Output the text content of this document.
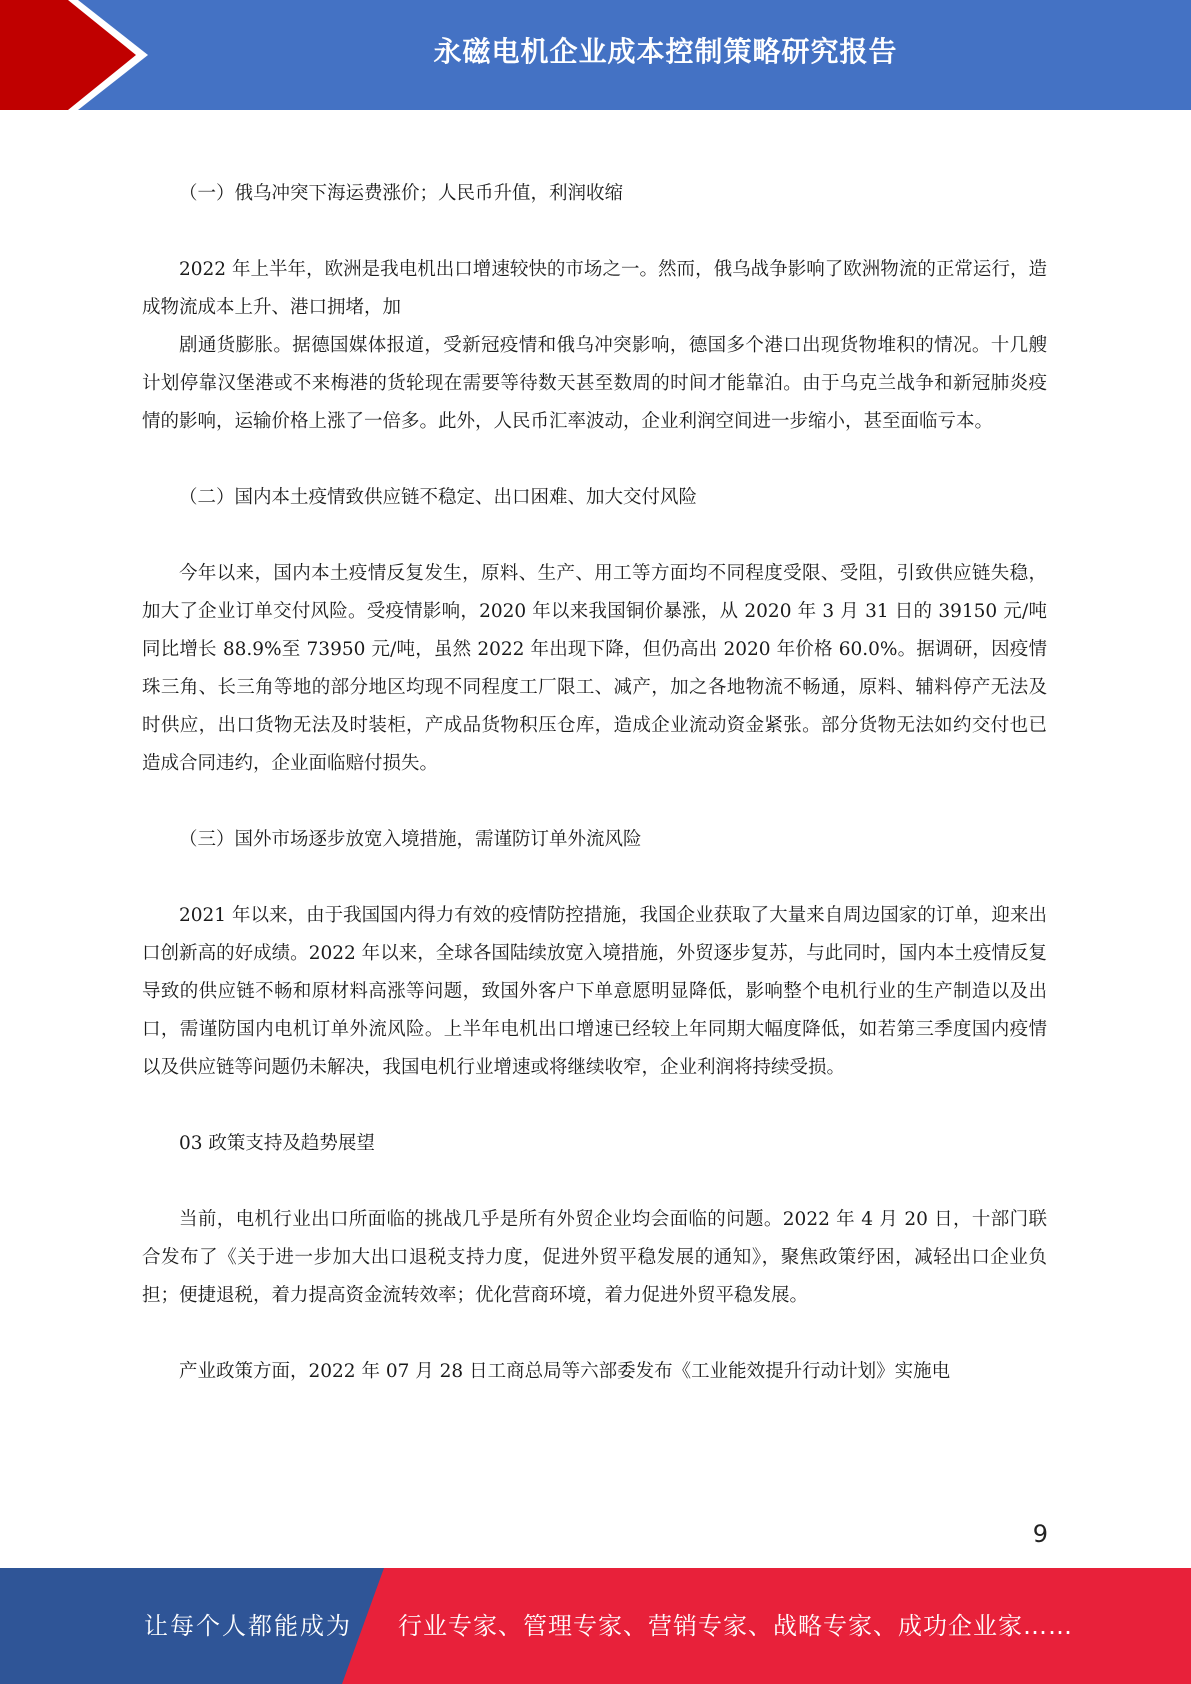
永磁电机企业成本控制策略研究报告
（一）俄乌冲突下海运费涨价；人民币升值，利润收缩

2022 年上半年，欧洲是我电机出口增速较快的市场之一。然而，俄乌战争影响了欧洲物流的正常运行，造成物流成本上升、港口拥堵，加

剧通货膨胀。据德国媒体报道，受新冠疫情和俄乌冲突影响，德国多个港口出现货物堆积的情况。十几艘计划停靠汉堡港或不来梅港的货轮现在需要等待数天甚至数周的时间才能靠泊。由于乌克兰战争和新冠肺炎疫情的影响，运输价格上涨了一倍多。此外，人民币汇率波动，企业利润空间进一步缩小，甚至面临亏本。

（二）国内本土疫情致供应链不稳定、出口困难、加大交付风险

今年以来，国内本土疫情反复发生，原料、生产、用工等方面均不同程度受限、受阻，引致供应链失稳，加大了企业订单交付风险。受疫情影响，2020 年以来我国铜价暴涨，从 2020 年 3 月 31 日的 39150 元/吨同比增长 88.9%至 73950 元/吨，虽然 2022 年出现下降，但仍高出 2020 年价格 60.0%。据调研，因疫情珠三角、长三角等地的部分地区均现不同程度工厂限工、减产，加之各地物流不畅通，原料、辅料停产无法及时供应，出口货物无法及时装柜，产成品货物积压仓库，造成企业流动资金紧张。部分货物无法如约交付也已造成合同违约，企业面临赔付损失。

（三）国外市场逐步放宽入境措施，需谨防订单外流风险

2021 年以来，由于我国国内得力有效的疫情防控措施，我国企业获取了大量来自周边国家的订单，迎来出口创新高的好成绩。2022 年以来，全球各国陆续放宽入境措施，外贸逐步复苏，与此同时，国内本土疫情反复导致的供应链不畅和原材料高涨等问题，致国外客户下单意愿明显降低，影响整个电机行业的生产制造以及出口，需谨防国内电机订单外流风险。上半年电机出口增速已经较上年同期大幅度降低，如若第三季度国内疫情以及供应链等问题仍未解决，我国电机行业增速或将继续收窄，企业利润将持续受损。

03 政策支持及趋势展望

当前，电机行业出口所面临的挑战几乎是所有外贸企业均会面临的问题。2022 年 4 月 20 日，十部门联合发布了《关于进一步加大出口退税支持力度，促进外贸平稳发展的通知》，聚焦政策纾困，减轻出口企业负担；便捷退税，着力提高资金流转效率；优化营商环境，着力促进外贸平稳发展。

产业政策方面，2022 年 07 月 28 日工商总局等六部委发布《工业能效提升行动计划》实施电

9
让每个人都能成为 行业专家、管理专家、营销专家、战略专家、成功企业家……
